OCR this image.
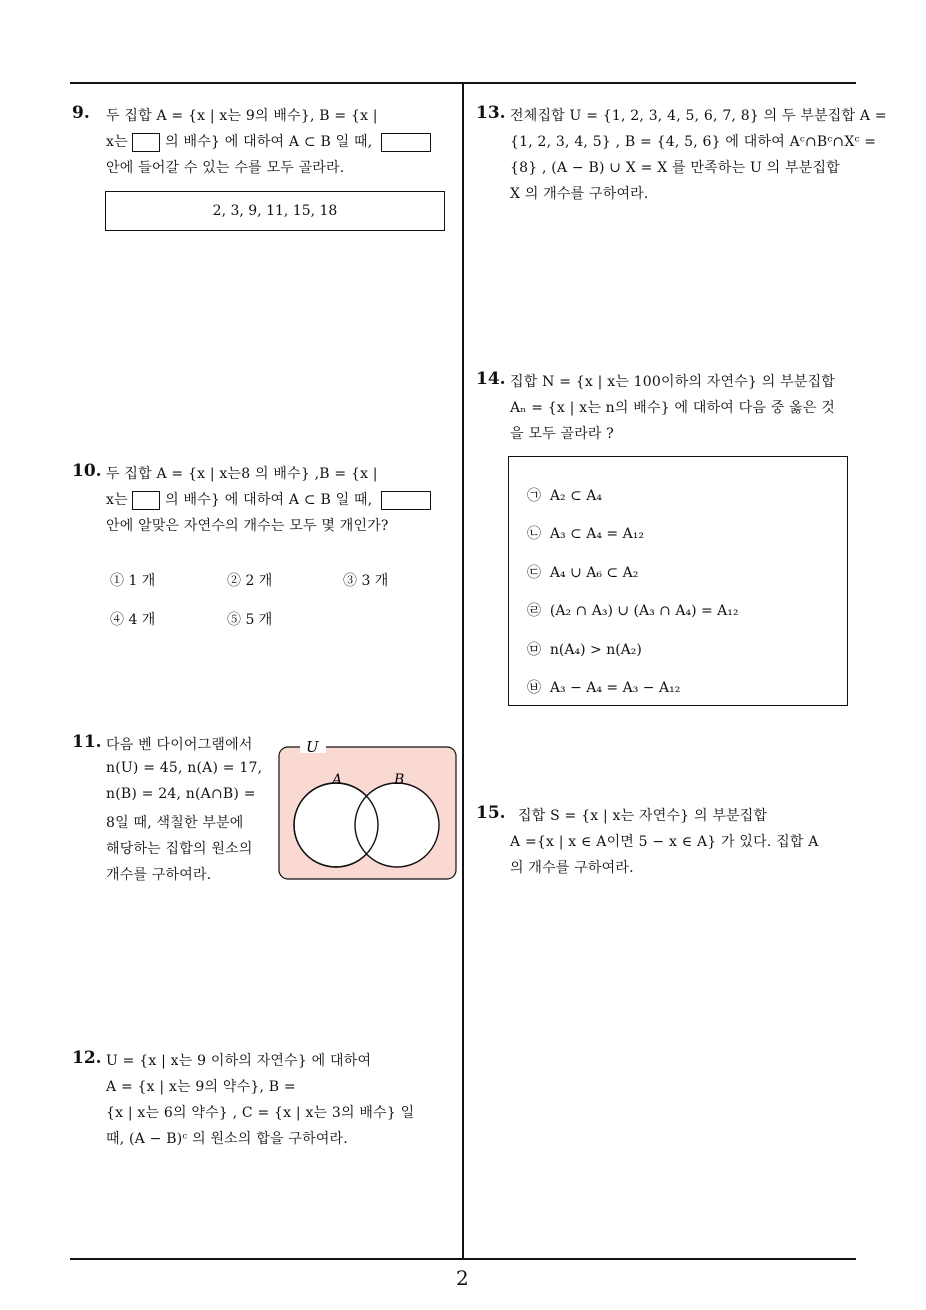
9. 두 집합 A = {x | x는 9의 배수}, B = {x |
x는	의 배수} 에 대하여 A ⊂ B 일 때,
안에 들어갈 수 있는 수를 모두 골라라.
2, 3, 9, 11, 15, 18
10. 두 집합 A = {x | x는8 의 배수} ,B = {x |
x는	의 배수} 에 대하여 A ⊂ B 일 때,
안에 알맞은 자연수의 개수는 모두 몇 개인가?
① 1 개	② 2 개	③ 3 개
④ 4 개	⑤ 5 개
11. 다음 벤 다이어그램에서
n(U) = 45, n(A) = 17,
n(B) = 24, n(A∩B) =
8일 때, 색칠한 부분에
해당하는 집합의 원소의
개수를 구하여라.
U
A	B
12. U = {x | x는 9 이하의 자연수} 에 대하여
A = {x | x는 9의 약수}, B =
{x | x는 6의 약수} , C = {x | x는 3의 배수} 일
때, (A − B)ᶜ 의 원소의 합을 구하여라.
13. 전체집합 U = {1, 2, 3, 4, 5, 6, 7, 8} 의 두 부분집합 A =
{1, 2, 3, 4, 5} , B = {4, 5, 6} 에 대하여 Aᶜ∩Bᶜ∩Xᶜ =
{8} , (A − B) ∪ X = X 를 만족하는 U 의 부분집합
X 의 개수를 구하여라.
14. 집합 N = {x | x는 100이하의 자연수} 의 부분집합
Aₙ = {x | x는 n의 배수} 에 대하여 다음 중 옳은 것
을 모두 골라라 ?
㉠ A₂ ⊂ A₄
㉡ A₃ ⊂ A₄ = A₁₂
㉢ A₄ ∪ A₆ ⊂ A₂
㉣ (A₂ ∩ A₃) ∪ (A₃ ∩ A₄) = A₁₂
㉤ n(A₄) > n(A₂)
㉥ A₃ − A₄ = A₃ − A₁₂
15. 집합 S = {x | x는 자연수} 의 부분집합
A ={x | x ∈ A이면 5 − x ∈ A} 가 있다. 집합 A
의 개수를 구하여라.
2
